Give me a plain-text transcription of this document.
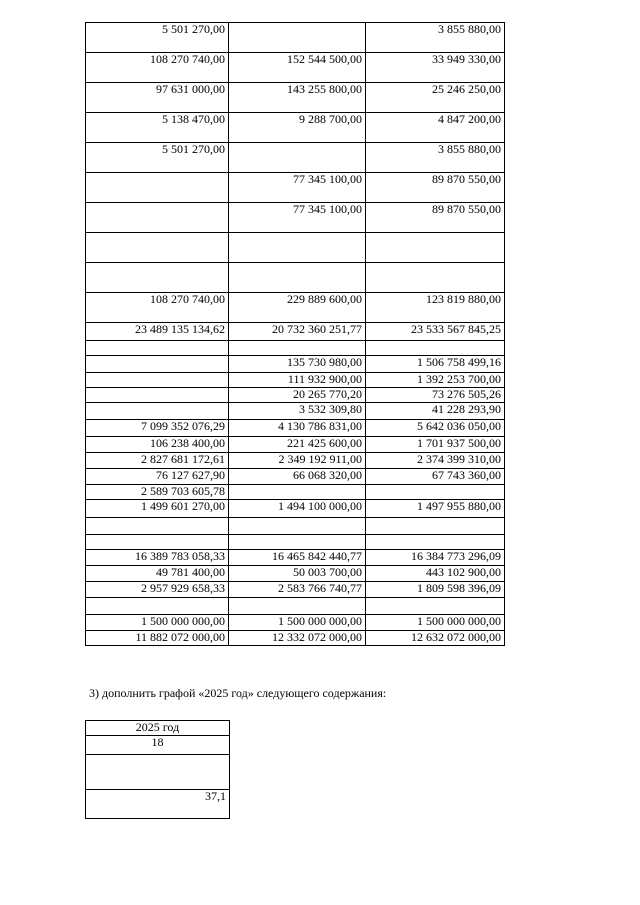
5 501 270,00		3 855 880,00
108 270 740,00	152 544 500,00	33 949 330,00
97 631 000,00	143 255 800,00	25 246 250,00
5 138 470,00	9 288 700,00	4 847 200,00
5 501 270,00		3 855 880,00
	77 345 100,00	89 870 550,00
	77 345 100,00	89 870 550,00

108 270 740,00	229 889 600,00	123 819 880,00
23 489 135 134,62	20 732 360 251,77	23 533 567 845,25

	135 730 980,00	1 506 758 499,16
	111 932 900,00	1 392 253 700,00
	20 265 770,20	73 276 505,26
	3 532 309,80	41 228 293,90
7 099 352 076,29	4 130 786 831,00	5 642 036 050,00
106 238 400,00	221 425 600,00	1 701 937 500,00
2 827 681 172,61	2 349 192 911,00	2 374 399 310,00
76 127 627,90	66 068 320,00	67 743 360,00
2 589 703 605,78		
1 499 601 270,00	1 494 100 000,00	1 497 955 880,00

16 389 783 058,33	16 465 842 440,77	16 384 773 296,09
49 781 400,00	50 003 700,00	443 102 900,00
2 957 929 658,33	2 583 766 740,77	1 809 598 396,09

1 500 000 000,00	1 500 000 000,00	1 500 000 000,00
11 882 072 000,00	12 332 072 000,00	12 632 072 000,00
3) дополнить графой «2025 год» следующего содержания:
2025 год
18

37,1
